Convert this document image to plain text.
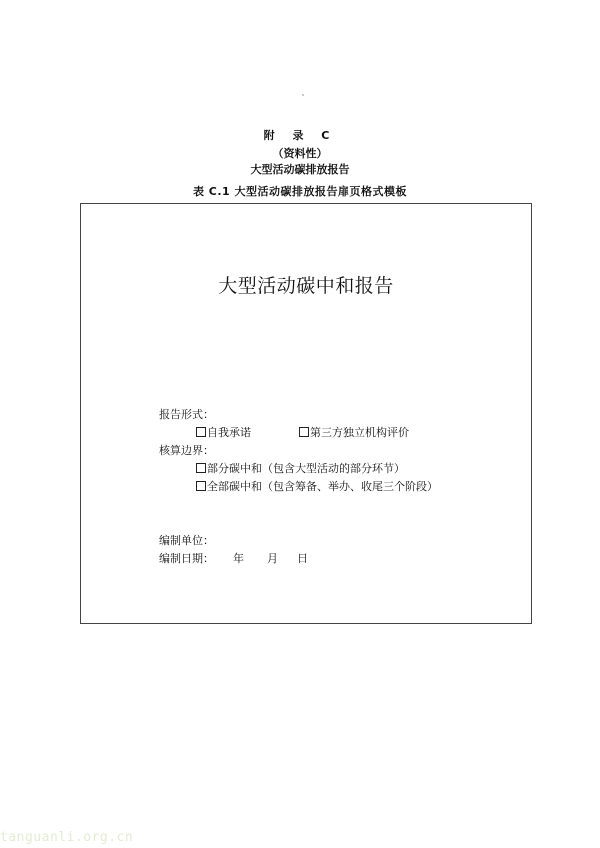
附 录 C
（资料性）
大型活动碳排放报告
表 C.1 大型活动碳排放报告扉页格式模板
大型活动碳中和报告
报告形式：
自我承诺	第三方独立机构评价
核算边界：
部分碳中和（包含大型活动的部分环节）
全部碳中和（包含筹备、举办、收尾三个阶段）
编制单位：
编制日期： 年 月 日
tanguanli.org.cn
